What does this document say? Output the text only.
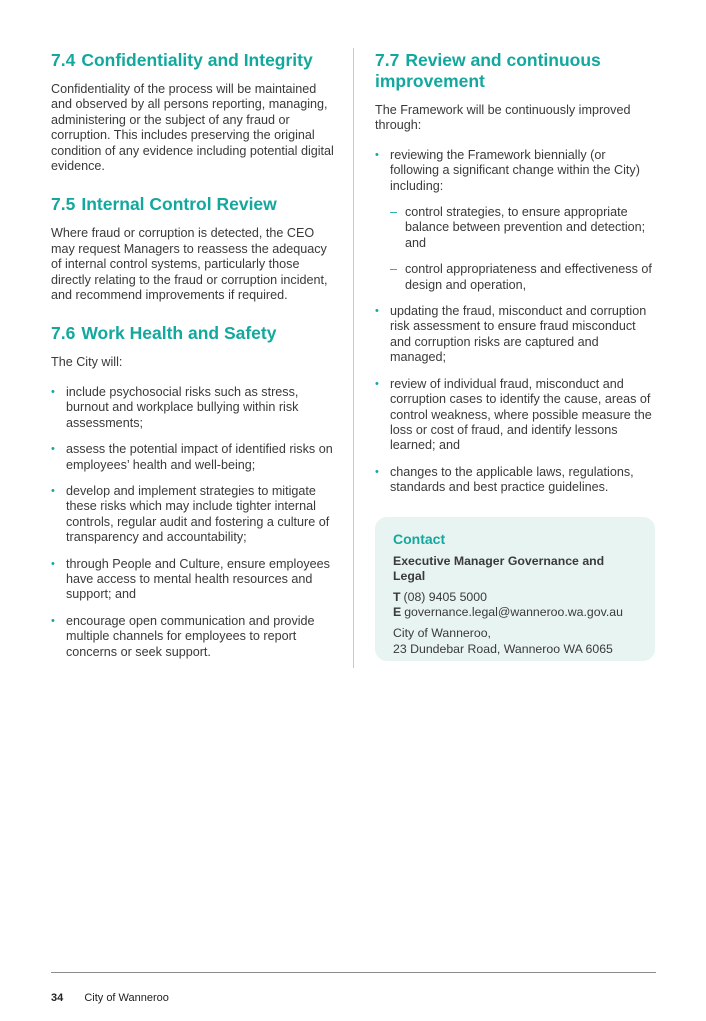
7.4 Confidentiality and Integrity

Confidentiality of the process will be maintained and observed by all persons reporting, managing, administering or the subject of any fraud or corruption. This includes preserving the original condition of any evidence including potential digital evidence.

7.5 Internal Control Review

Where fraud or corruption is detected, the CEO may request Managers to reassess the adequacy of internal control systems, particularly those directly relating to the fraud or corruption incident, and recommend improvements if required.

7.6 Work Health and Safety

The City will:

• include psychosocial risks such as stress, burnout and workplace bullying within risk assessments;
• assess the potential impact of identified risks on employees’ health and well-being;
• develop and implement strategies to mitigate these risks which may include tighter internal controls, regular audit and fostering a culture of transparency and accountability;
• through People and Culture, ensure employees have access to mental health resources and support; and
• encourage open communication and provide multiple channels for employees to report concerns or seek support.
7.7 Review and continuous improvement

The Framework will be continuously improved through:

• reviewing the Framework biennially (or following a significant change within the City) including:
– control strategies, to ensure appropriate balance between prevention and detection; and
– control appropriateness and effectiveness of design and operation,
• updating the fraud, misconduct and corruption risk assessment to ensure fraud misconduct and corruption risks are captured and managed;
• review of individual fraud, misconduct and corruption cases to identify the cause, areas of control weakness, where possible measure the loss or cost of fraud, and identify lessons learned; and
• changes to the applicable laws, regulations, standards and best practice guidelines.
Contact
Executive Manager Governance and Legal
T (08) 9405 5000
E governance.legal@wanneroo.wa.gov.au
City of Wanneroo,
23 Dundebar Road, Wanneroo WA 6065
34 City of Wanneroo
